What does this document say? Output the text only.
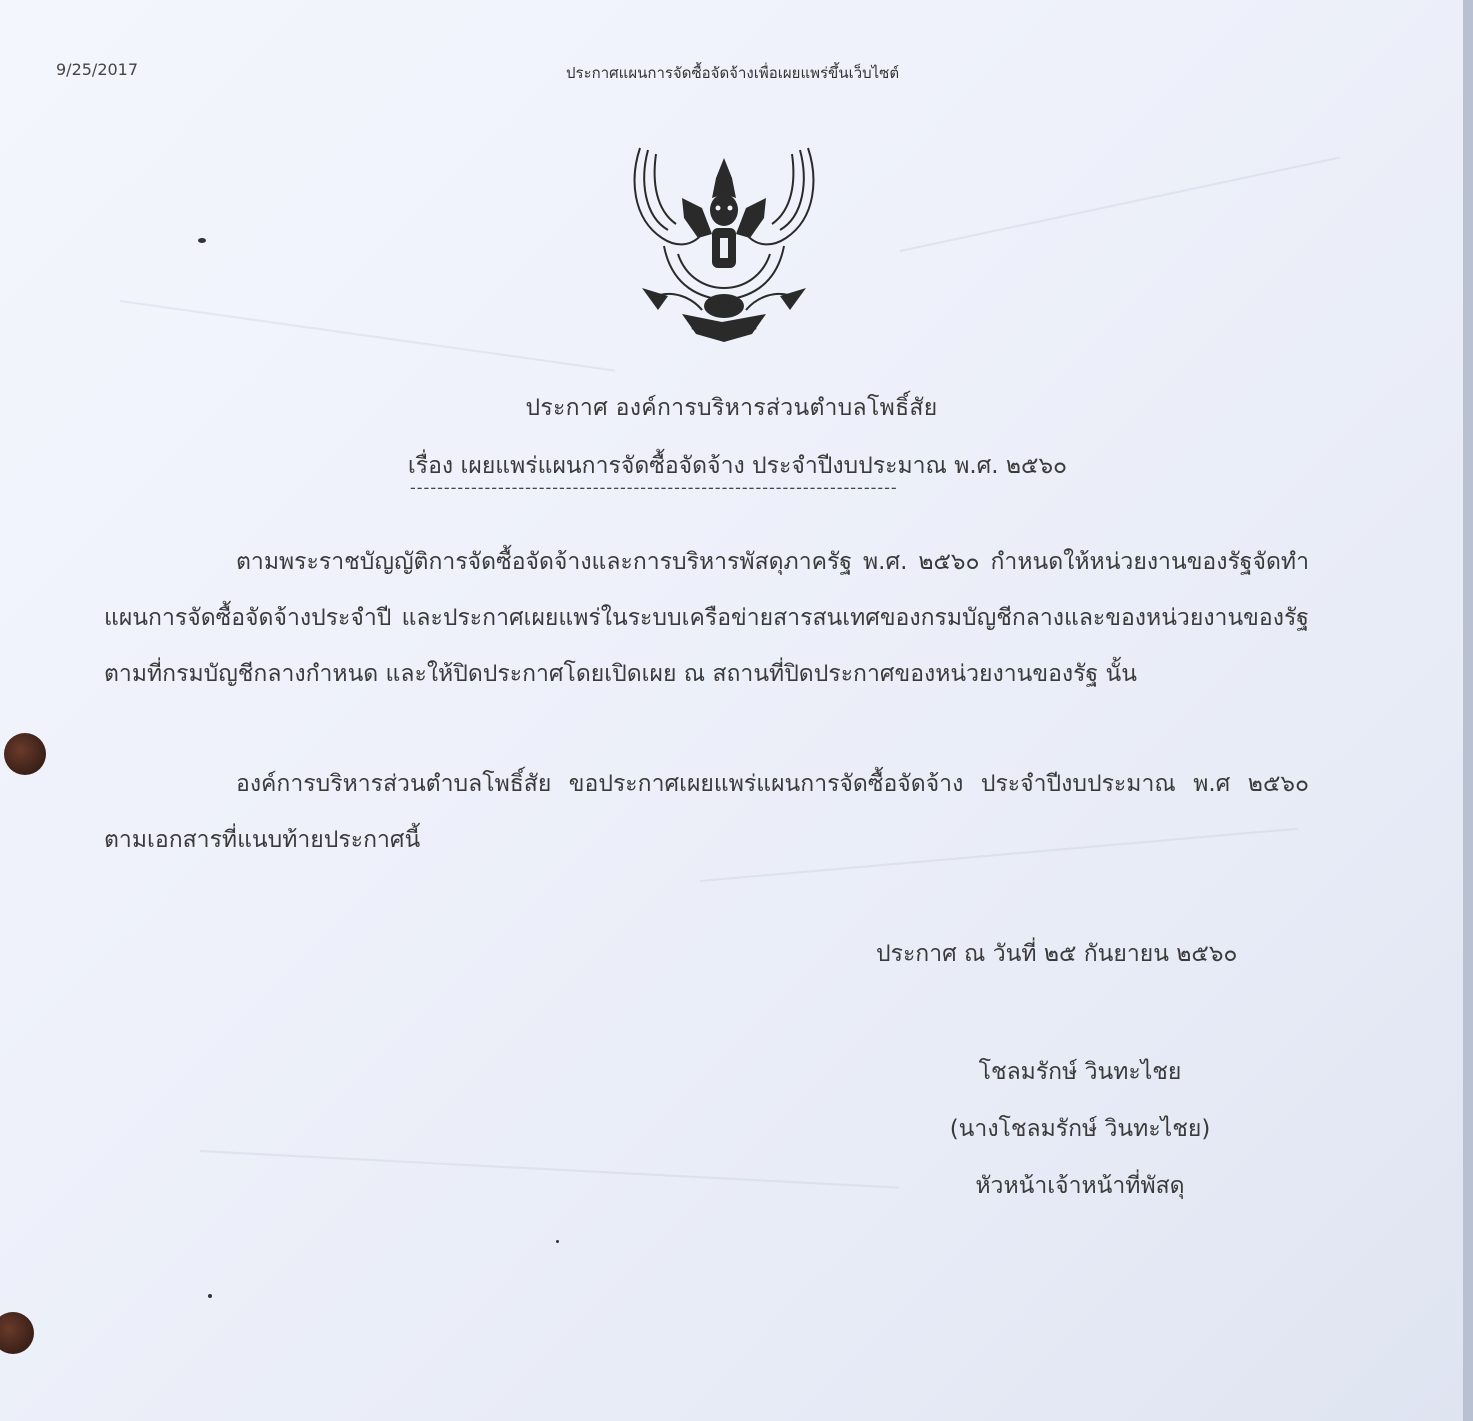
9/25/2017	ประกาศแผนการจัดซื้อจัดจ้างเพื่อเผยแพร่ขึ้นเว็บไซต์
ประกาศ องค์การบริหารส่วนตำบลโพธิ์สัย
เรื่อง เผยแพร่แผนการจัดซื้อจัดจ้าง ประจำปีงบประมาณ พ.ศ. ๒๕๖๐
------------------------------------------------------------------------
ตามพระราชบัญญัติการจัดซื้อจัดจ้างและการบริหารพัสดุภาครัฐ พ.ศ. ๒๕๖๐ กำหนดให้หน่วยงานของรัฐจัดทำแผนการจัดซื้อจัดจ้างประจำปี และประกาศเผยแพร่ในระบบเครือข่ายสารสนเทศของกรมบัญชีกลางและของหน่วยงานของรัฐตามที่กรมบัญชีกลางกำหนด และให้ปิดประกาศโดยเปิดเผย ณ สถานที่ปิดประกาศของหน่วยงานของรัฐ นั้น
องค์การบริหารส่วนตำบลโพธิ์สัย ขอประกาศเผยแพร่แผนการจัดซื้อจัดจ้าง ประจำปีงบประมาณ พ.ศ ๒๕๖๐ ตามเอกสารที่แนบท้ายประกาศนี้
ประกาศ ณ วันที่ ๒๕ กันยายน ๒๕๖๐
โชลมรักษ์ วินทะไชย
(นางโชลมรักษ์ วินทะไชย)
หัวหน้าเจ้าหน้าที่พัสดุ
